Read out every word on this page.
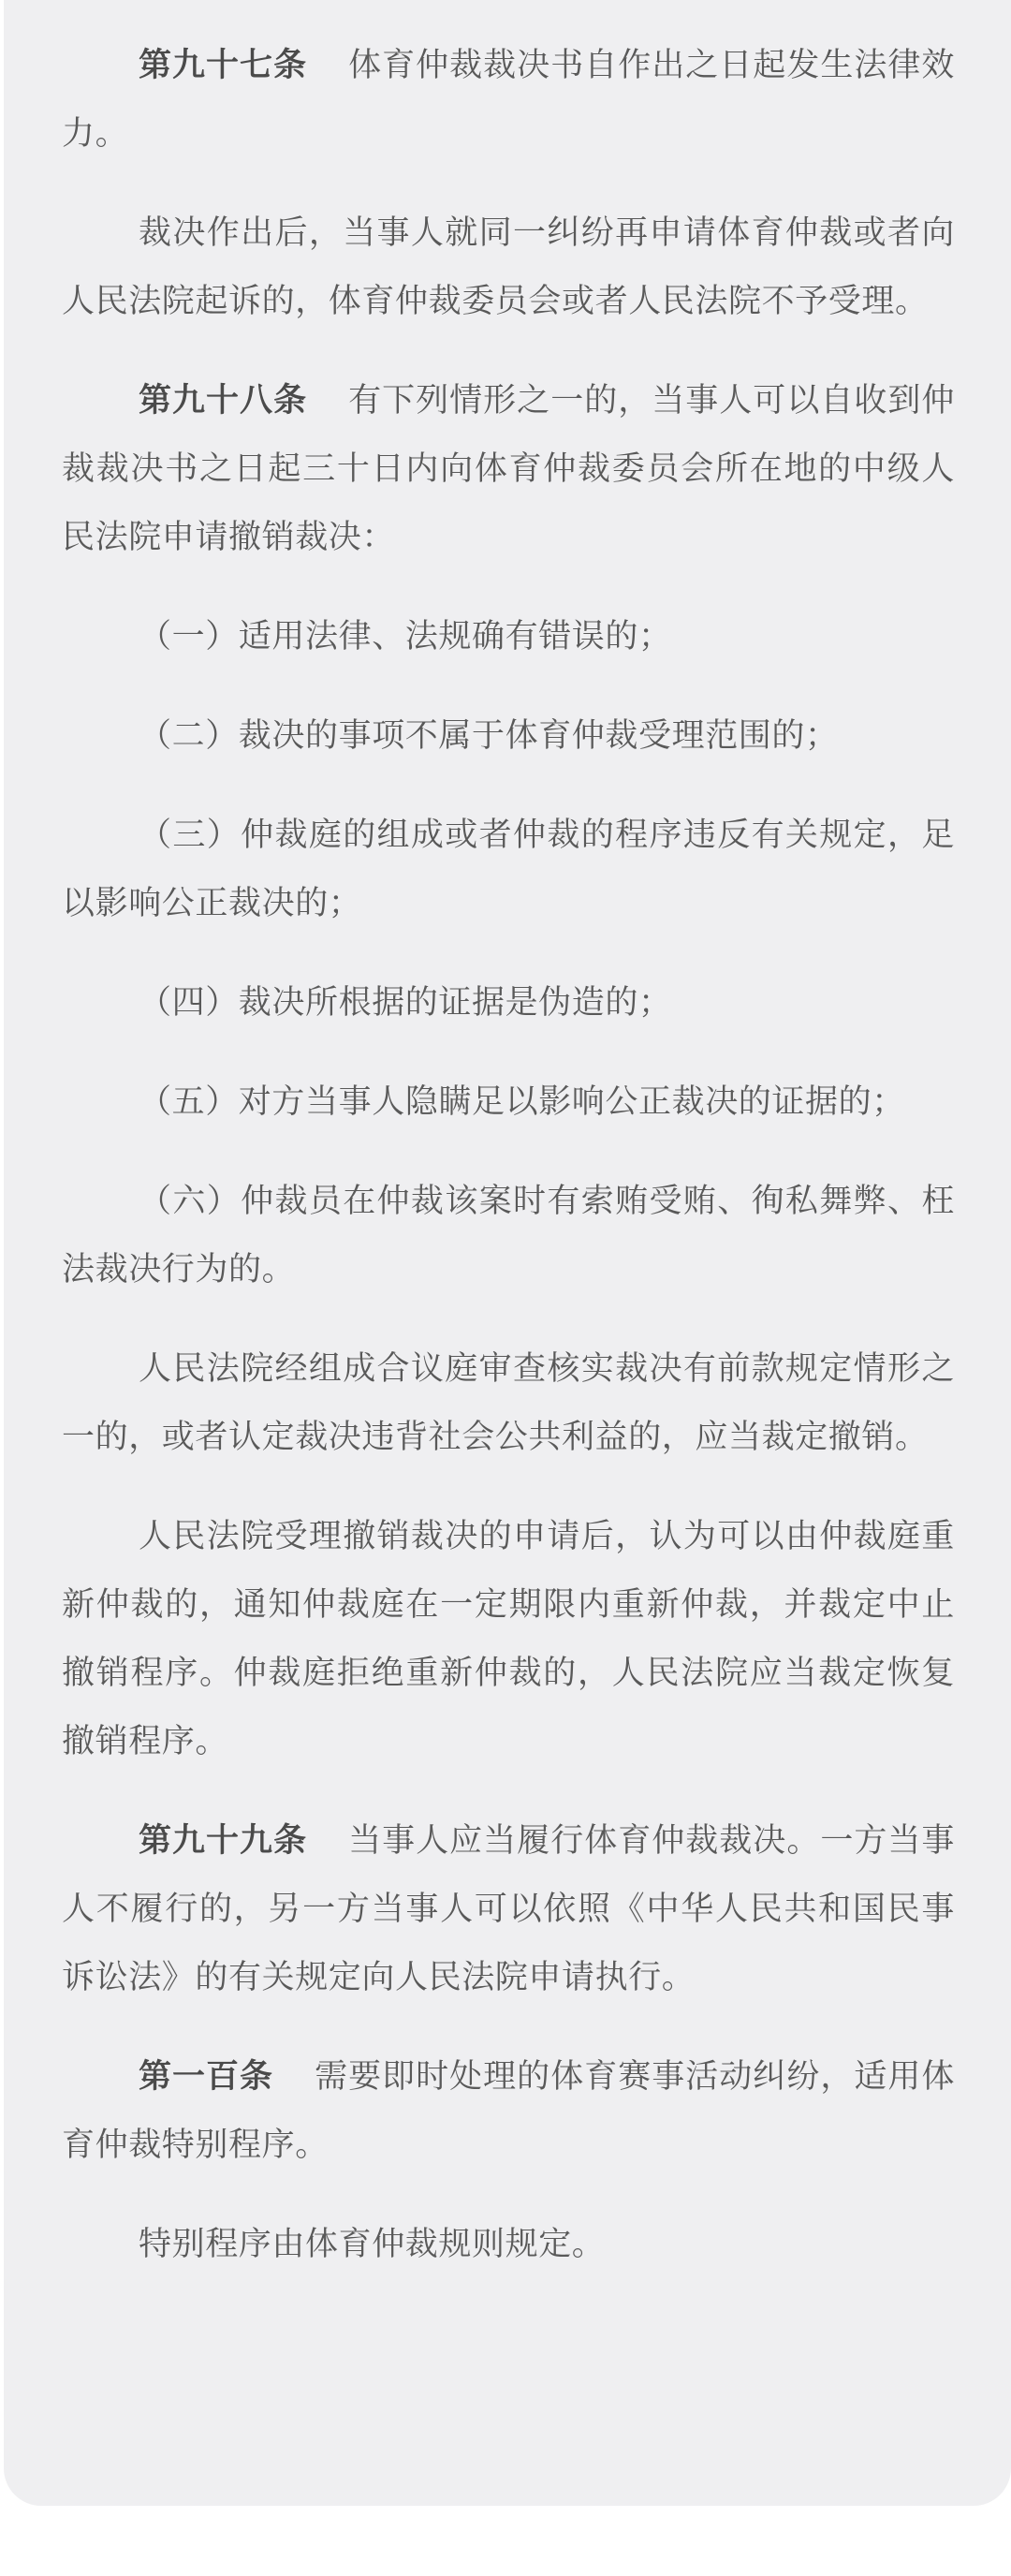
第九十七条 体育仲裁裁决书自作出之日起发生法律效力。

裁决作出后，当事人就同一纠纷再申请体育仲裁或者向人民法院起诉的，体育仲裁委员会或者人民法院不予受理。

第九十八条 有下列情形之一的，当事人可以自收到仲裁裁决书之日起三十日内向体育仲裁委员会所在地的中级人民法院申请撤销裁决：

（一）适用法律、法规确有错误的；

（二）裁决的事项不属于体育仲裁受理范围的；

（三）仲裁庭的组成或者仲裁的程序违反有关规定，足以影响公正裁决的；

（四）裁决所根据的证据是伪造的；

（五）对方当事人隐瞒足以影响公正裁决的证据的；

（六）仲裁员在仲裁该案时有索贿受贿、徇私舞弊、枉法裁决行为的。

人民法院经组成合议庭审查核实裁决有前款规定情形之一的，或者认定裁决违背社会公共利益的，应当裁定撤销。

人民法院受理撤销裁决的申请后，认为可以由仲裁庭重新仲裁的，通知仲裁庭在一定期限内重新仲裁，并裁定中止撤销程序。仲裁庭拒绝重新仲裁的，人民法院应当裁定恢复撤销程序。

第九十九条 当事人应当履行体育仲裁裁决。一方当事人不履行的，另一方当事人可以依照《中华人民共和国民事诉讼法》的有关规定向人民法院申请执行。

第一百条 需要即时处理的体育赛事活动纠纷，适用体育仲裁特别程序。

特别程序由体育仲裁规则规定。
